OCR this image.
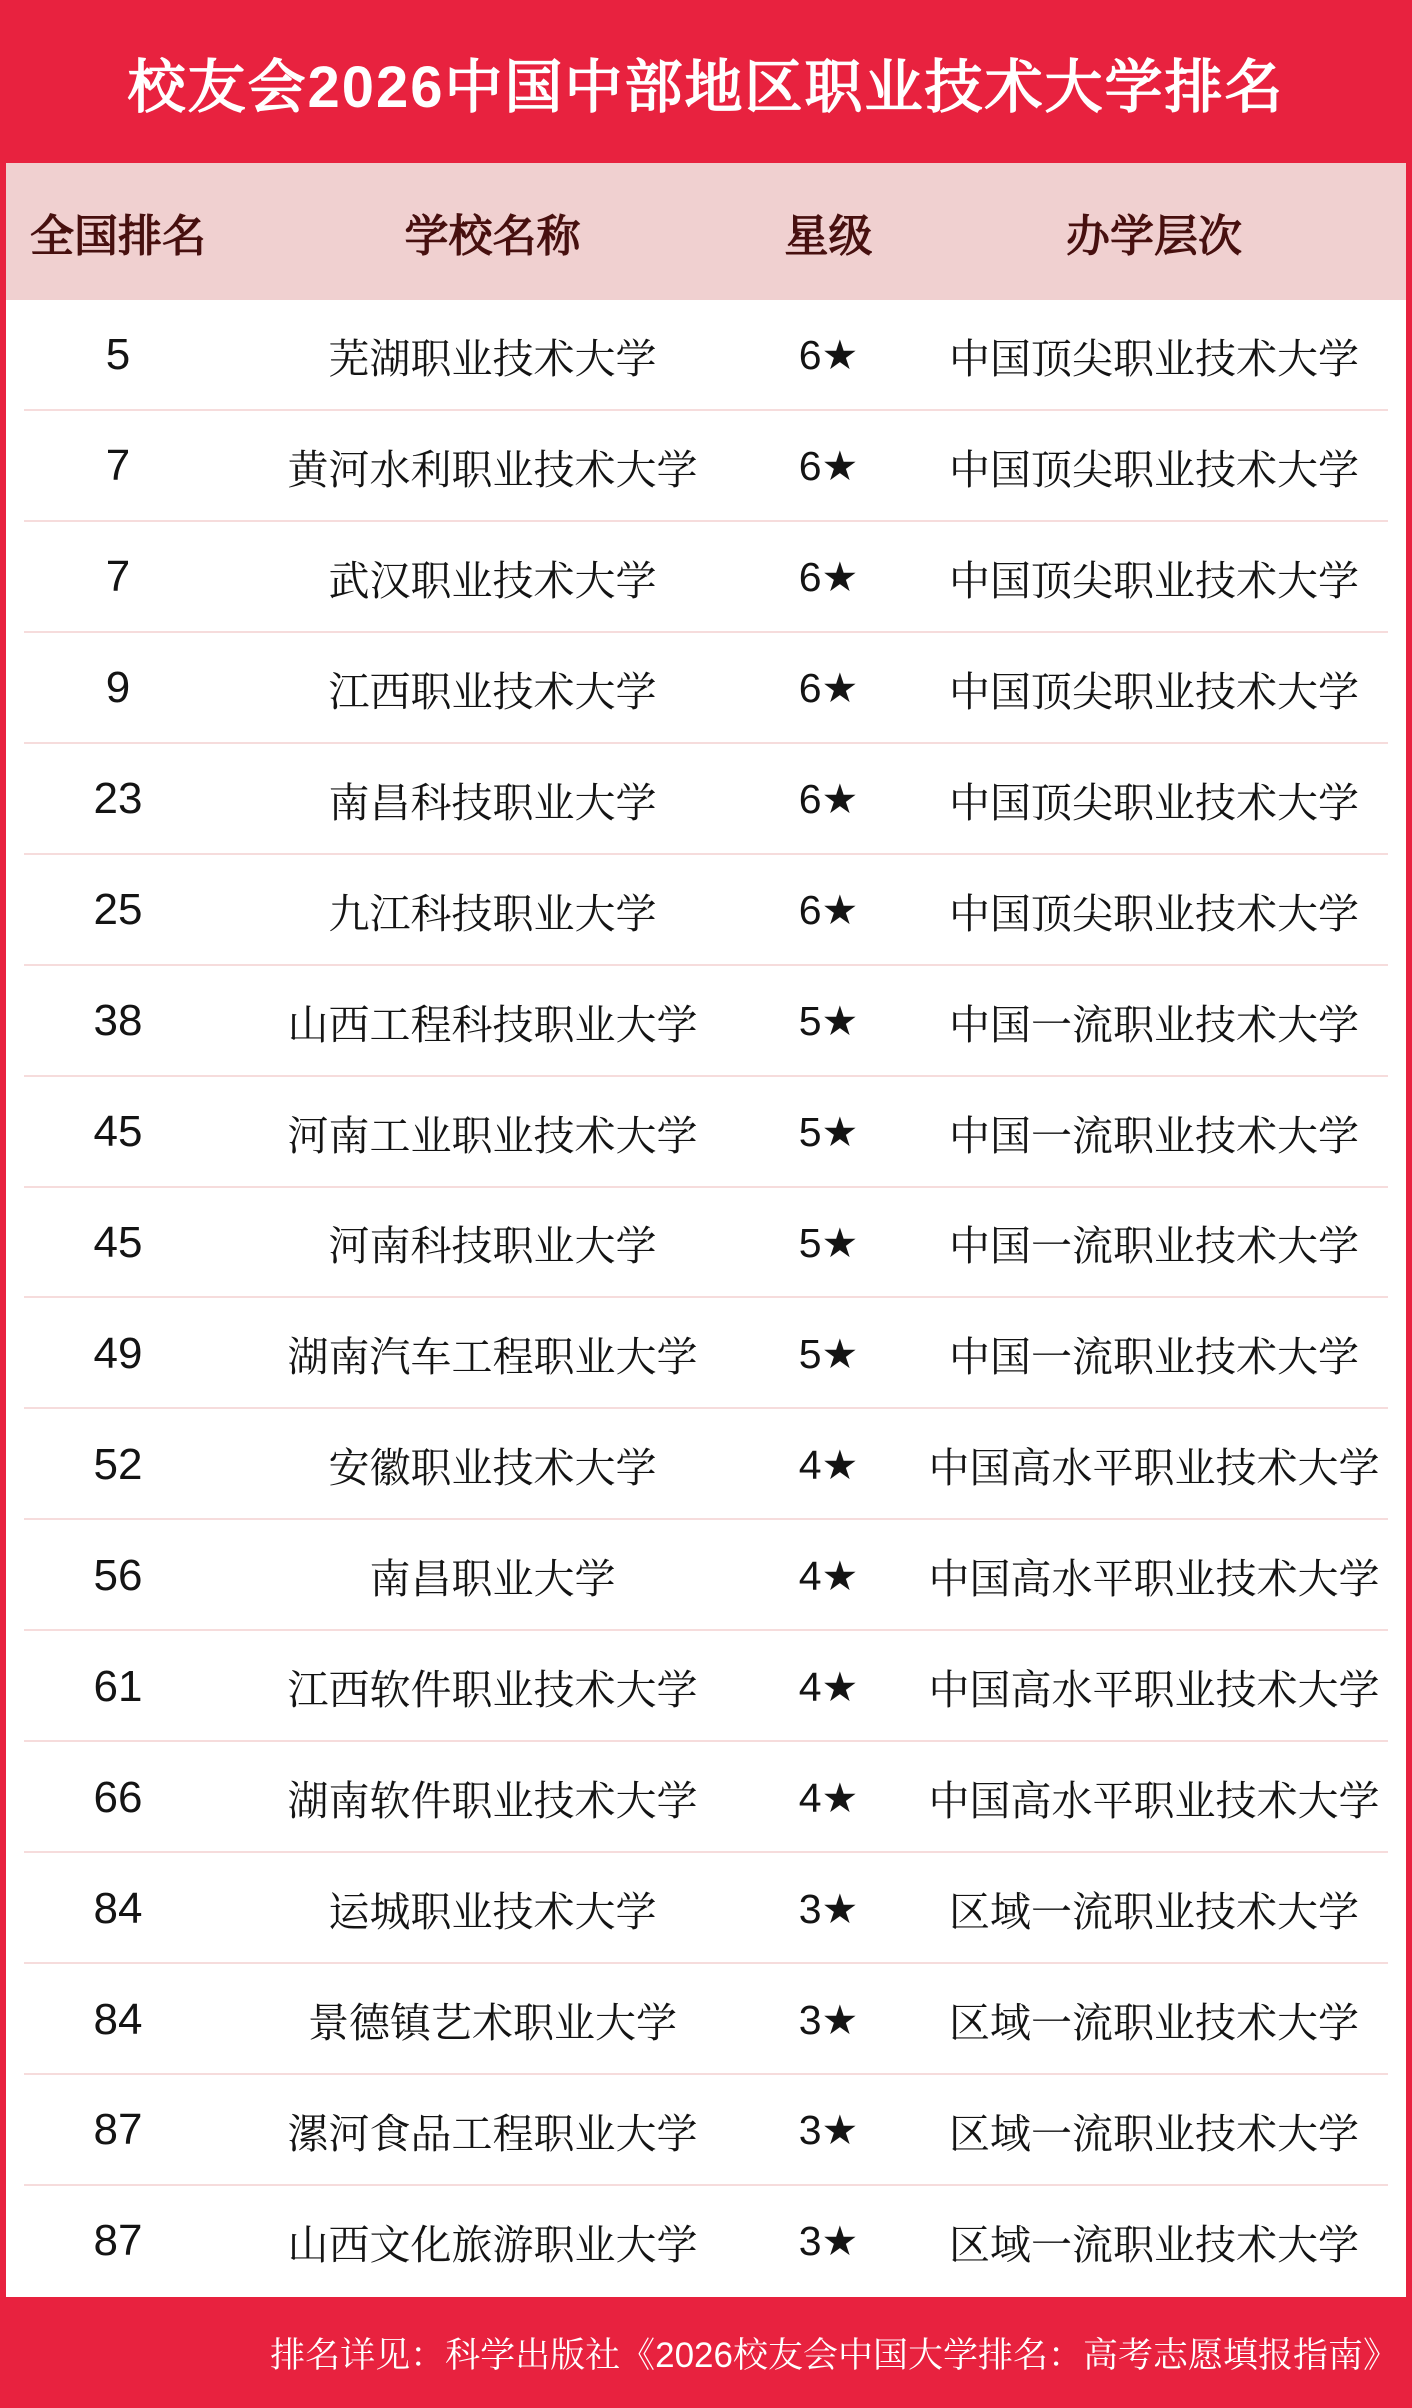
校友会2026中国中部地区职业技术大学排名
全国排名	学校名称	星级	办学层次
5	芜湖职业技术大学	6★	中国顶尖职业技术大学
7	黄河水利职业技术大学	6★	中国顶尖职业技术大学
7	武汉职业技术大学	6★	中国顶尖职业技术大学
9	江西职业技术大学	6★	中国顶尖职业技术大学
23	南昌科技职业大学	6★	中国顶尖职业技术大学
25	九江科技职业大学	6★	中国顶尖职业技术大学
38	山西工程科技职业大学	5★	中国一流职业技术大学
45	河南工业职业技术大学	5★	中国一流职业技术大学
45	河南科技职业大学	5★	中国一流职业技术大学
49	湖南汽车工程职业大学	5★	中国一流职业技术大学
52	安徽职业技术大学	4★	中国高水平职业技术大学
56	南昌职业大学	4★	中国高水平职业技术大学
61	江西软件职业技术大学	4★	中国高水平职业技术大学
66	湖南软件职业技术大学	4★	中国高水平职业技术大学
84	运城职业技术大学	3★	区域一流职业技术大学
84	景德镇艺术职业大学	3★	区域一流职业技术大学
87	漯河食品工程职业大学	3★	区域一流职业技术大学
87	山西文化旅游职业大学	3★	区域一流职业技术大学
排名详见：科学出版社《2026校友会中国大学排名：高考志愿填报指南》
